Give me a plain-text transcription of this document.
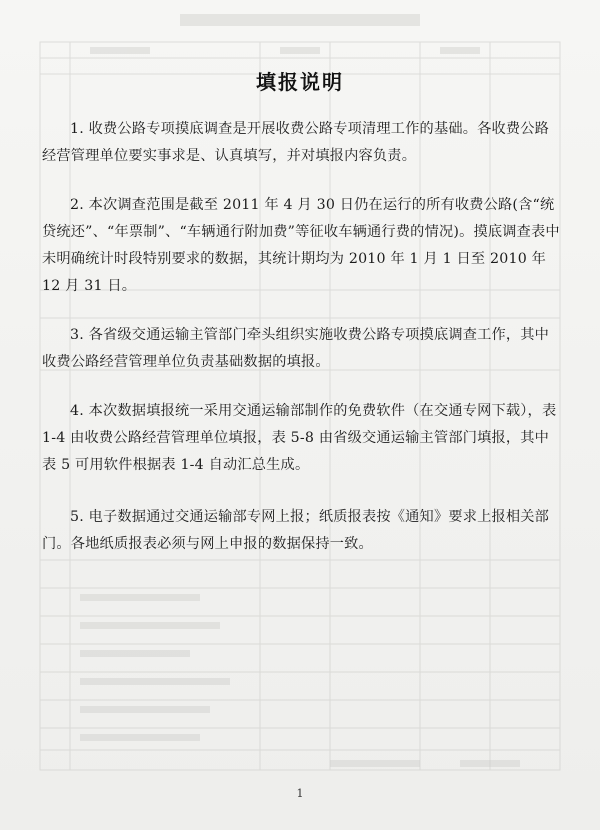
填报说明

1. 收费公路专项摸底调查是开展收费公路专项清理工作的基础。各收费公路经营管理单位要实事求是、认真填写，并对填报内容负责。

2. 本次调查范围是截至 2011 年 4 月 30 日仍在运行的所有收费公路(含“统贷统还”、“年票制”、“车辆通行附加费”等征收车辆通行费的情况)。摸底调查表中未明确统计时段特别要求的数据，其统计期均为 2010 年 1 月 1 日至 2010 年 12 月 31 日。

3. 各省级交通运输主管部门牵头组织实施收费公路专项摸底调查工作，其中收费公路经营管理单位负责基础数据的填报。

4. 本次数据填报统一采用交通运输部制作的免费软件（在交通专网下载），表 1-4 由收费公路经营管理单位填报，表 5-8 由省级交通运输主管部门填报，其中表 5 可用软件根据表 1-4 自动汇总生成。

5. 电子数据通过交通运输部专网上报；纸质报表按《通知》要求上报相关部门。各地纸质报表必须与网上申报的数据保持一致。

1
